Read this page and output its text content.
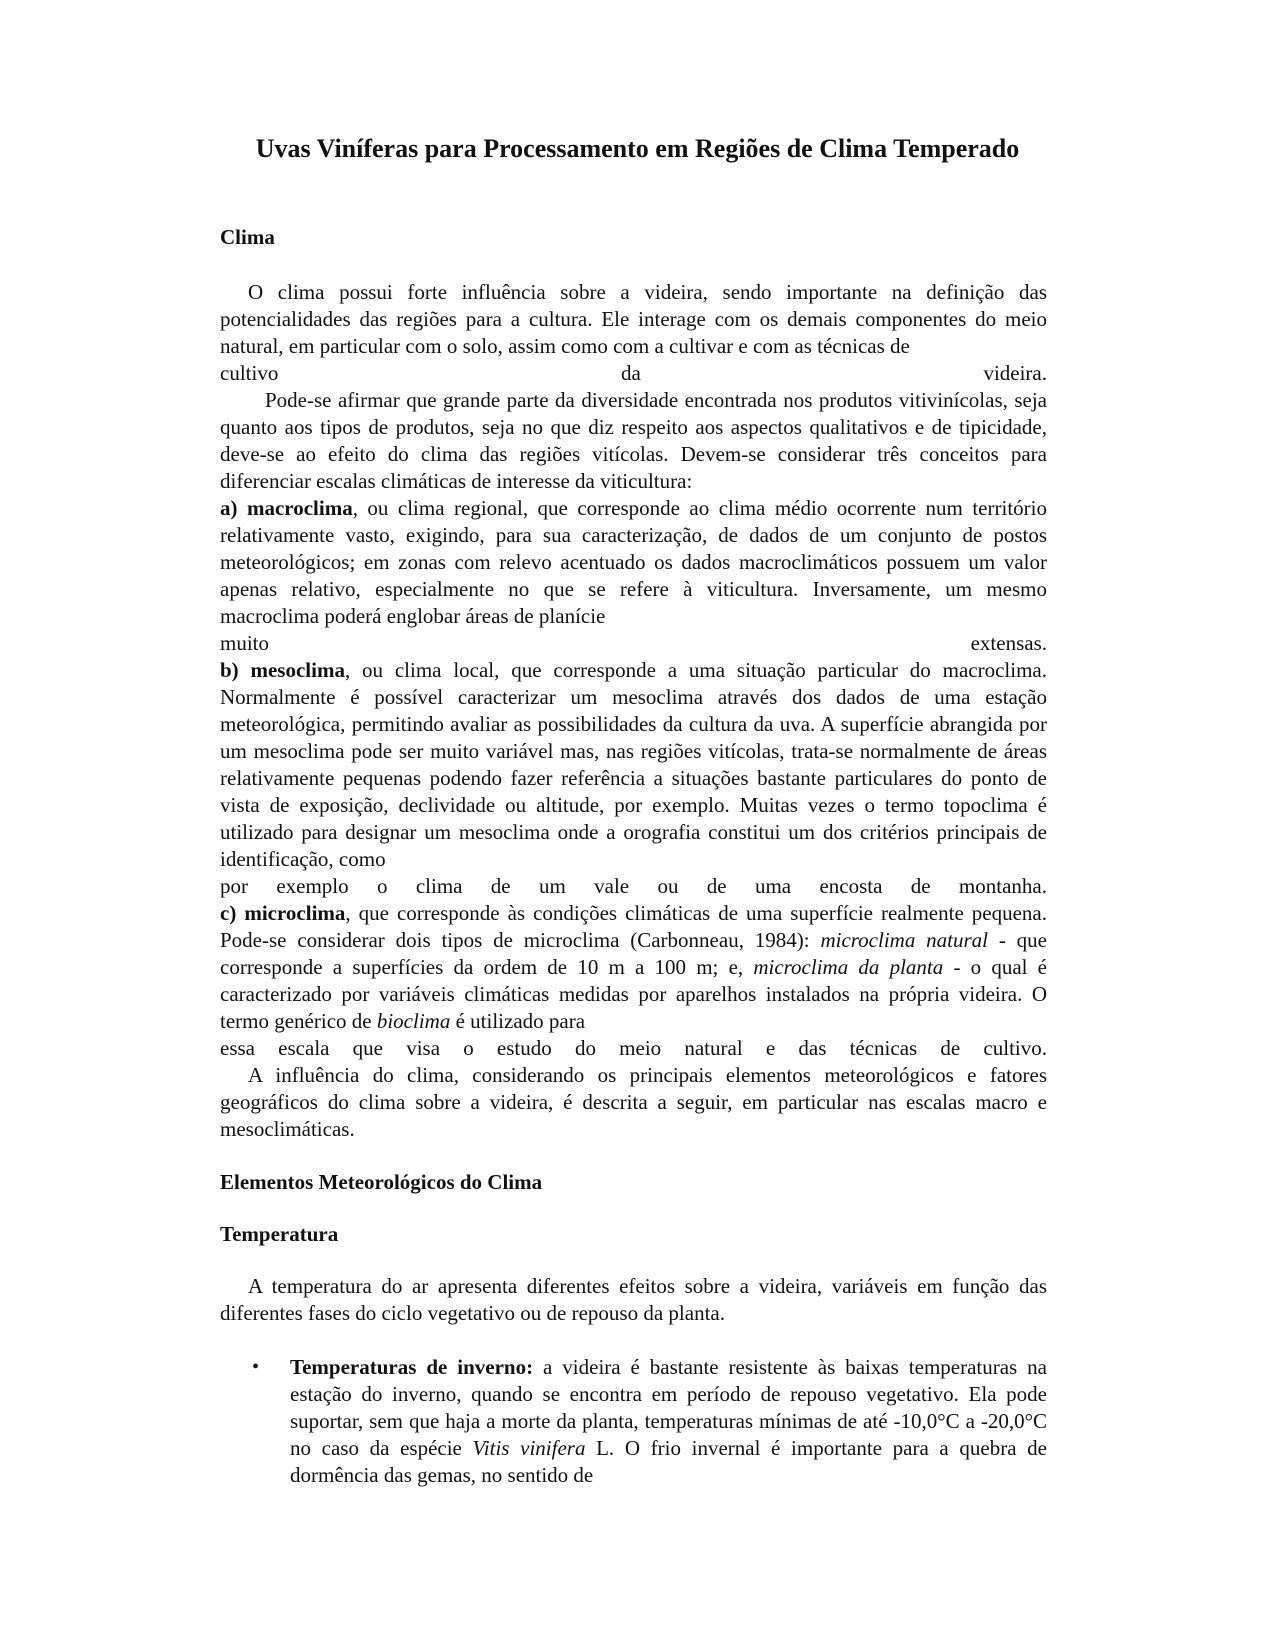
Uvas Viníferas para Processamento em Regiões de Clima Temperado
Clima

O clima possui forte influência sobre a videira, sendo importante na definição das potencialidades das regiões para a cultura. Ele interage com os demais componentes do meio natural, em particular com o solo, assim como com a cultivar e com as técnicas de

cultivo da videira.

Pode-se afirmar que grande parte da diversidade encontrada nos produtos vitivinícolas, seja quanto aos tipos de produtos, seja no que diz respeito aos aspectos qualitativos e de tipicidade, deve-se ao efeito do clima das regiões vitícolas. Devem-se considerar três conceitos para diferenciar escalas climáticas de interesse da viticultura:

a) macroclima, ou clima regional, que corresponde ao clima médio ocorrente num território relativamente vasto, exigindo, para sua caracterização, de dados de um conjunto de postos meteorológicos; em zonas com relevo acentuado os dados macroclimáticos possuem um valor apenas relativo, especialmente no que se refere à viticultura. Inversamente, um mesmo macroclima poderá englobar áreas de planície

muito extensas.

b) mesoclima, ou clima local, que corresponde a uma situação particular do macroclima. Normalmente é possível caracterizar um mesoclima através dos dados de uma estação meteorológica, permitindo avaliar as possibilidades da cultura da uva. A superfície abrangida por um mesoclima pode ser muito variável mas, nas regiões vitícolas, trata-se normalmente de áreas relativamente pequenas podendo fazer referência a situações bastante particulares do ponto de vista de exposição, declividade ou altitude, por exemplo. Muitas vezes o termo topoclima é utilizado para designar um mesoclima onde a orografia constitui um dos critérios principais de identificação, como

por exemplo o clima de um vale ou de uma encosta de montanha.

c) microclima, que corresponde às condições climáticas de uma superfície realmente pequena. Pode-se considerar dois tipos de microclima (Carbonneau, 1984): microclima natural - que corresponde a superfícies da ordem de 10 m a 100 m; e, microclima da planta - o qual é caracterizado por variáveis climáticas medidas por aparelhos instalados na própria videira. O termo genérico de bioclima é utilizado para

essa escala que visa o estudo do meio natural e das técnicas de cultivo.

A influência do clima, considerando os principais elementos meteorológicos e fatores geográficos do clima sobre a videira, é descrita a seguir, em particular nas escalas macro e mesoclimáticas.

Elementos Meteorológicos do Clima
Temperatura

A temperatura do ar apresenta diferentes efeitos sobre a videira, variáveis em função das diferentes fases do ciclo vegetativo ou de repouso da planta.

• Temperaturas de inverno: a videira é bastante resistente às baixas temperaturas na estação do inverno, quando se encontra em período de repouso vegetativo. Ela pode suportar, sem que haja a morte da planta, temperaturas mínimas de até -10,0°C a -20,0°C no caso da espécie Vitis vinifera L. O frio invernal é importante para a quebra de dormência das gemas, no sentido de
